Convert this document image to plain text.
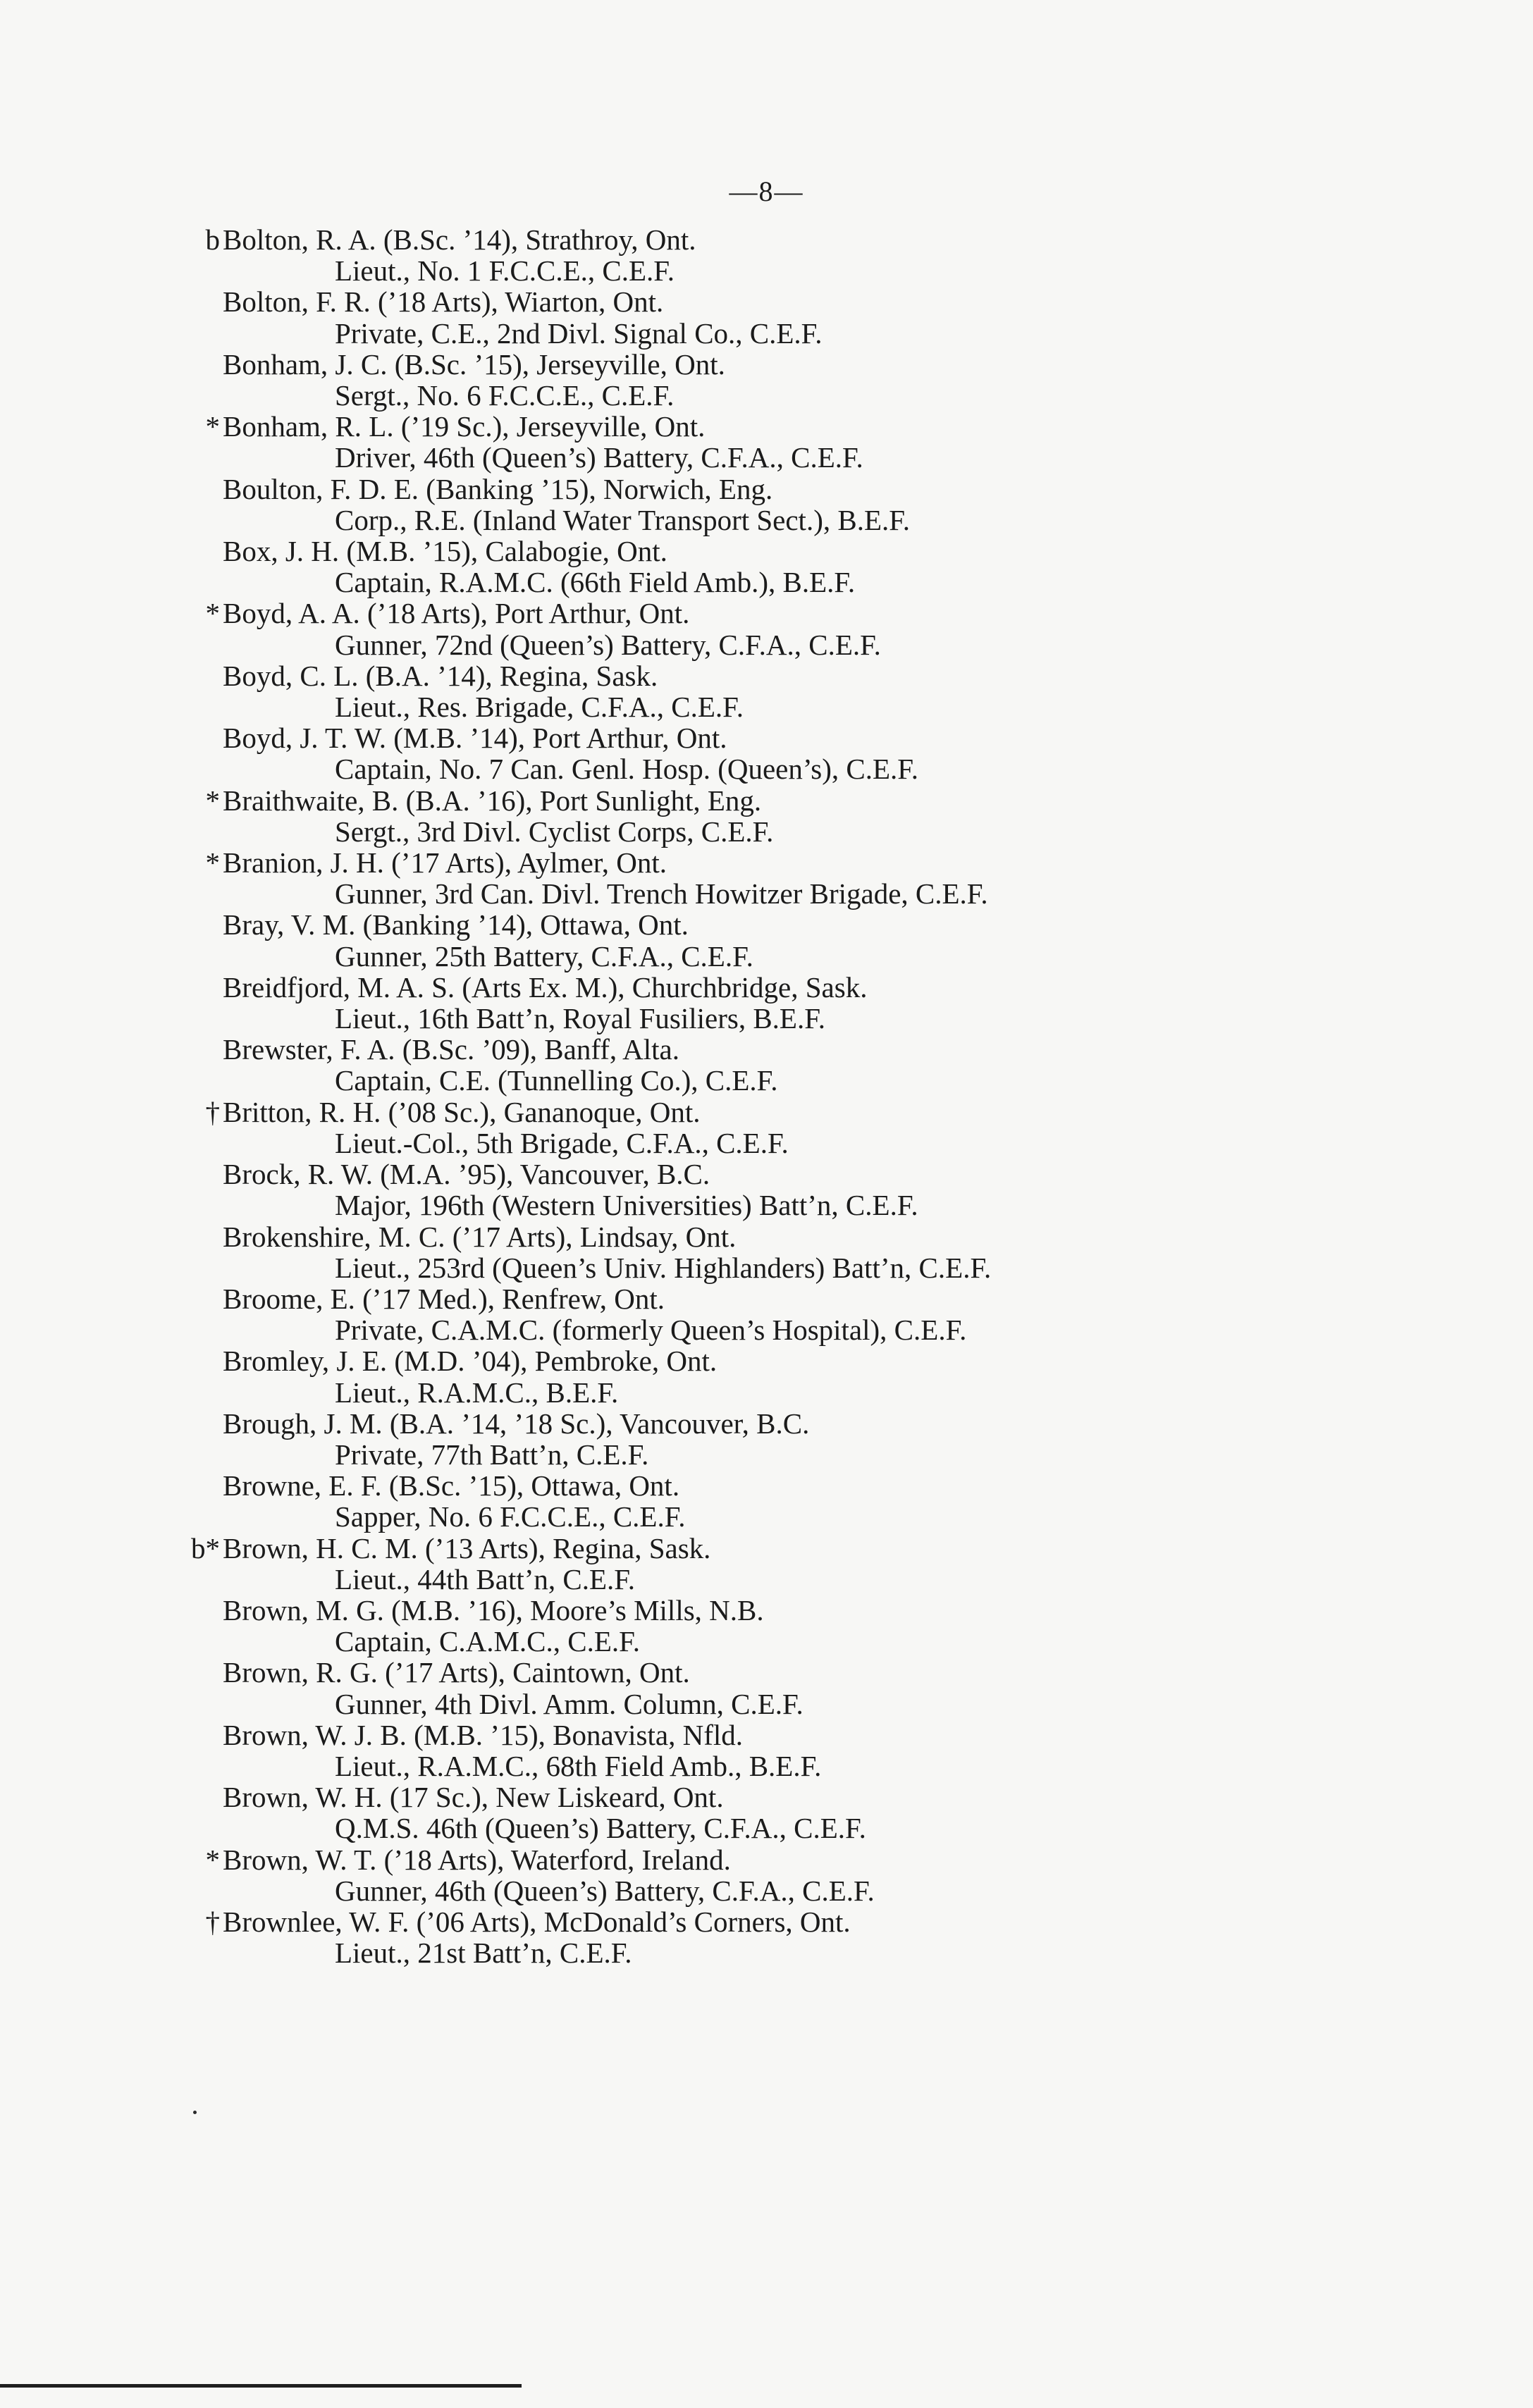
—8—
b Bolton, R. A. (B.Sc. ’14), Strathroy, Ont.
Lieut., No. 1 F.C.C.E., C.E.F.
Bolton, F. R. (’18 Arts), Wiarton, Ont.
Private, C.E., 2nd Divl. Signal Co., C.E.F.
Bonham, J. C. (B.Sc. ’15), Jerseyville, Ont.
Sergt., No. 6 F.C.C.E., C.E.F.
* Bonham, R. L. (’19 Sc.), Jerseyville, Ont.
Driver, 46th (Queen’s) Battery, C.F.A., C.E.F.
Boulton, F. D. E. (Banking ’15), Norwich, Eng.
Corp., R.E. (Inland Water Transport Sect.), B.E.F.
Box, J. H. (M.B. ’15), Calabogie, Ont.
Captain, R.A.M.C. (66th Field Amb.), B.E.F.
* Boyd, A. A. (’18 Arts), Port Arthur, Ont.
Gunner, 72nd (Queen’s) Battery, C.F.A., C.E.F.
Boyd, C. L. (B.A. ’14), Regina, Sask.
Lieut., Res. Brigade, C.F.A., C.E.F.
Boyd, J. T. W. (M.B. ’14), Port Arthur, Ont.
Captain, No. 7 Can. Genl. Hosp. (Queen’s), C.E.F.
* Braithwaite, B. (B.A. ’16), Port Sunlight, Eng.
Sergt., 3rd Divl. Cyclist Corps, C.E.F.
* Branion, J. H. (’17 Arts), Aylmer, Ont.
Gunner, 3rd Can. Divl. Trench Howitzer Brigade, C.E.F.
Bray, V. M. (Banking ’14), Ottawa, Ont.
Gunner, 25th Battery, C.F.A., C.E.F.
Breidfjord, M. A. S. (Arts Ex. M.), Churchbridge, Sask.
Lieut., 16th Batt’n, Royal Fusiliers, B.E.F.
Brewster, F. A. (B.Sc. ’09), Banff, Alta.
Captain, C.E. (Tunnelling Co.), C.E.F.
† Britton, R. H. (’08 Sc.), Gananoque, Ont.
Lieut.-Col., 5th Brigade, C.F.A., C.E.F.
Brock, R. W. (M.A. ’95), Vancouver, B.C.
Major, 196th (Western Universities) Batt’n, C.E.F.
Brokenshire, M. C. (’17 Arts), Lindsay, Ont.
Lieut., 253rd (Queen’s Univ. Highlanders) Batt’n, C.E.F.
Broome, E. (’17 Med.), Renfrew, Ont.
Private, C.A.M.C. (formerly Queen’s Hospital), C.E.F.
Bromley, J. E. (M.D. ’04), Pembroke, Ont.
Lieut., R.A.M.C., B.E.F.
Brough, J. M. (B.A. ’14, ’18 Sc.), Vancouver, B.C.
Private, 77th Batt’n, C.E.F.
Browne, E. F. (B.Sc. ’15), Ottawa, Ont.
Sapper, No. 6 F.C.C.E., C.E.F.
b* Brown, H. C. M. (’13 Arts), Regina, Sask.
Lieut., 44th Batt’n, C.E.F.
Brown, M. G. (M.B. ’16), Moore’s Mills, N.B.
Captain, C.A.M.C., C.E.F.
Brown, R. G. (’17 Arts), Caintown, Ont.
Gunner, 4th Divl. Amm. Column, C.E.F.
Brown, W. J. B. (M.B. ’15), Bonavista, Nfld.
Lieut., R.A.M.C., 68th Field Amb., B.E.F.
Brown, W. H. (17 Sc.), New Liskeard, Ont.
Q.M.S. 46th (Queen’s) Battery, C.F.A., C.E.F.
* Brown, W. T. (’18 Arts), Waterford, Ireland.
Gunner, 46th (Queen’s) Battery, C.F.A., C.E.F.
† Brownlee, W. F. (’06 Arts), McDonald’s Corners, Ont.
Lieut., 21st Batt’n, C.E.F.
